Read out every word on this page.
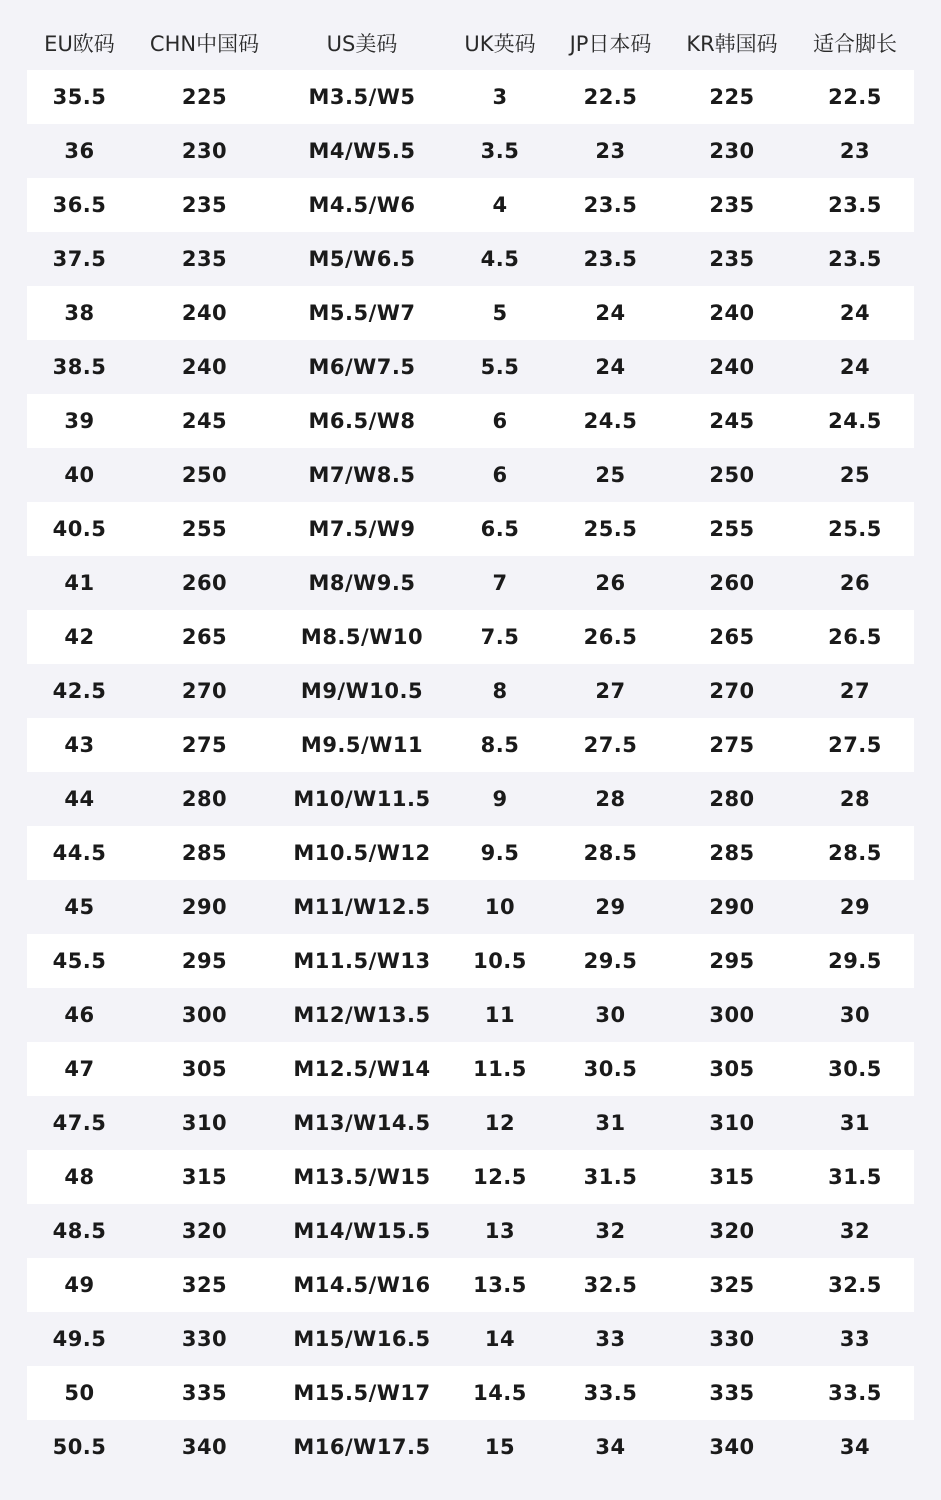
EU欧码	CHN中国码	US美码	UK英码	JP日本码	KR韩国码	适合脚长
35.5	225	M3.5/W5	3	22.5	225	22.5
36	230	M4/W5.5	3.5	23	230	23
36.5	235	M4.5/W6	4	23.5	235	23.5
37.5	235	M5/W6.5	4.5	23.5	235	23.5
38	240	M5.5/W7	5	24	240	24
38.5	240	M6/W7.5	5.5	24	240	24
39	245	M6.5/W8	6	24.5	245	24.5
40	250	M7/W8.5	6	25	250	25
40.5	255	M7.5/W9	6.5	25.5	255	25.5
41	260	M8/W9.5	7	26	260	26
42	265	M8.5/W10	7.5	26.5	265	26.5
42.5	270	M9/W10.5	8	27	270	27
43	275	M9.5/W11	8.5	27.5	275	27.5
44	280	M10/W11.5	9	28	280	28
44.5	285	M10.5/W12	9.5	28.5	285	28.5
45	290	M11/W12.5	10	29	290	29
45.5	295	M11.5/W13	10.5	29.5	295	29.5
46	300	M12/W13.5	11	30	300	30
47	305	M12.5/W14	11.5	30.5	305	30.5
47.5	310	M13/W14.5	12	31	310	31
48	315	M13.5/W15	12.5	31.5	315	31.5
48.5	320	M14/W15.5	13	32	320	32
49	325	M14.5/W16	13.5	32.5	325	32.5
49.5	330	M15/W16.5	14	33	330	33
50	335	M15.5/W17	14.5	33.5	335	33.5
50.5	340	M16/W17.5	15	34	340	34
